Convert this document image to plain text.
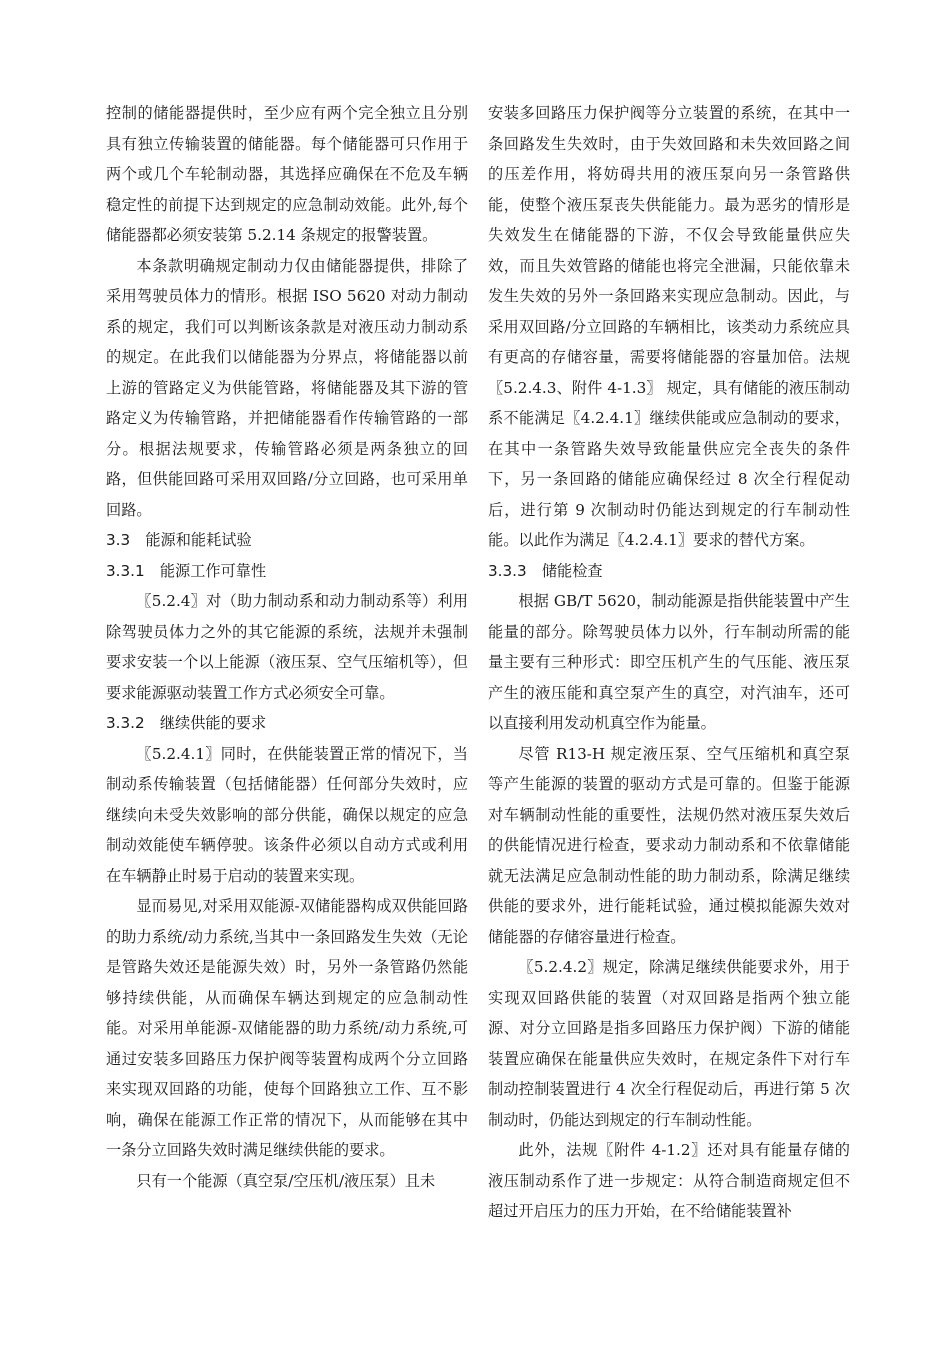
控制的储能器提供时，至少应有两个完全独立且分别具有独立传输装置的储能器。每个储能器可只作用于两个或几个车轮制动器，其选择应确保在不危及车辆稳定性的前提下达到规定的应急制动效能。此外,每个储能器都必须安装第 5.2.14 条规定的报警装置。

本条款明确规定制动力仅由储能器提供，排除了采用驾驶员体力的情形。根据 ISO 5620 对动力制动系的规定，我们可以判断该条款是对液压动力制动系的规定。在此我们以储能器为分界点，将储能器以前上游的管路定义为供能管路，将储能器及其下游的管路定义为传输管路，并把储能器看作传输管路的一部分。根据法规要求，传输管路必须是两条独立的回路，但供能回路可采用双回路/分立回路，也可采用单回路。

3.3　能源和能耗试验
3.3.1　能源工作可靠性

〖5.2.4〗对（助力制动系和动力制动系等）利用除驾驶员体力之外的其它能源的系统，法规并未强制要求安装一个以上能源（液压泵、空气压缩机等），但要求能源驱动装置工作方式必须安全可靠。

3.3.2　继续供能的要求

〖5.2.4.1〗同时，在供能装置正常的情况下，当制动系传输装置（包括储能器）任何部分失效时，应继续向未受失效影响的部分供能，确保以规定的应急制动效能使车辆停驶。该条件必须以自动方式或利用在车辆静止时易于启动的装置来实现。

显而易见,对采用双能源-双储能器构成双供能回路的助力系统/动力系统,当其中一条回路发生失效（无论是管路失效还是能源失效）时，另外一条管路仍然能够持续供能，从而确保车辆达到规定的应急制动性能。对采用单能源-双储能器的助力系统/动力系统,可通过安装多回路压力保护阀等装置构成两个分立回路来实现双回路的功能，使每个回路独立工作、互不影响，确保在能源工作正常的情况下，从而能够在其中一条分立回路失效时满足继续供能的要求。

只有一个能源（真空泵/空压机/液压泵）且未

安装多回路压力保护阀等分立装置的系统，在其中一条回路发生失效时，由于失效回路和未失效回路之间的压差作用，将妨碍共用的液压泵向另一条管路供能，使整个液压泵丧失供能能力。最为恶劣的情形是失效发生在储能器的下游，不仅会导致能量供应失效，而且失效管路的储能也将完全泄漏，只能依靠未发生失效的另外一条回路来实现应急制动。因此，与采用双回路/分立回路的车辆相比，该类动力系统应具有更高的存储容量，需要将储能器的容量加倍。法规〖5.2.4.3、附件 4-1.3〗 规定，具有储能的液压制动系不能满足〖4.2.4.1〗继续供能或应急制动的要求，在其中一条管路失效导致能量供应完全丧失的条件下，另一条回路的储能应确保经过 8 次全行程促动后，进行第 9 次制动时仍能达到规定的行车制动性能。以此作为满足〖4.2.4.1〗要求的替代方案。

3.3.3　储能检查

根据 GB/T 5620，制动能源是指供能装置中产生能量的部分。除驾驶员体力以外，行车制动所需的能量主要有三种形式：即空压机产生的气压能、液压泵产生的液压能和真空泵产生的真空，对汽油车，还可以直接利用发动机真空作为能量。

尽管 R13-H 规定液压泵、空气压缩机和真空泵等产生能源的装置的驱动方式是可靠的。但鉴于能源对车辆制动性能的重要性，法规仍然对液压泵失效后的供能情况进行检查，要求动力制动系和不依靠储能就无法满足应急制动性能的助力制动系，除满足继续供能的要求外，进行能耗试验，通过模拟能源失效对储能器的存储容量进行检查。

〖5.2.4.2〗规定，除满足继续供能要求外，用于实现双回路供能的装置（对双回路是指两个独立能源、对分立回路是指多回路压力保护阀）下游的储能装置应确保在能量供应失效时，在规定条件下对行车制动控制装置进行 4 次全行程促动后，再进行第 5 次制动时，仍能达到规定的行车制动性能。

此外，法规〖附件 4-1.2〗还对具有能量存储的液压制动系作了进一步规定：从符合制造商规定但不超过开启压力的压力开始，在不给储能装置补
